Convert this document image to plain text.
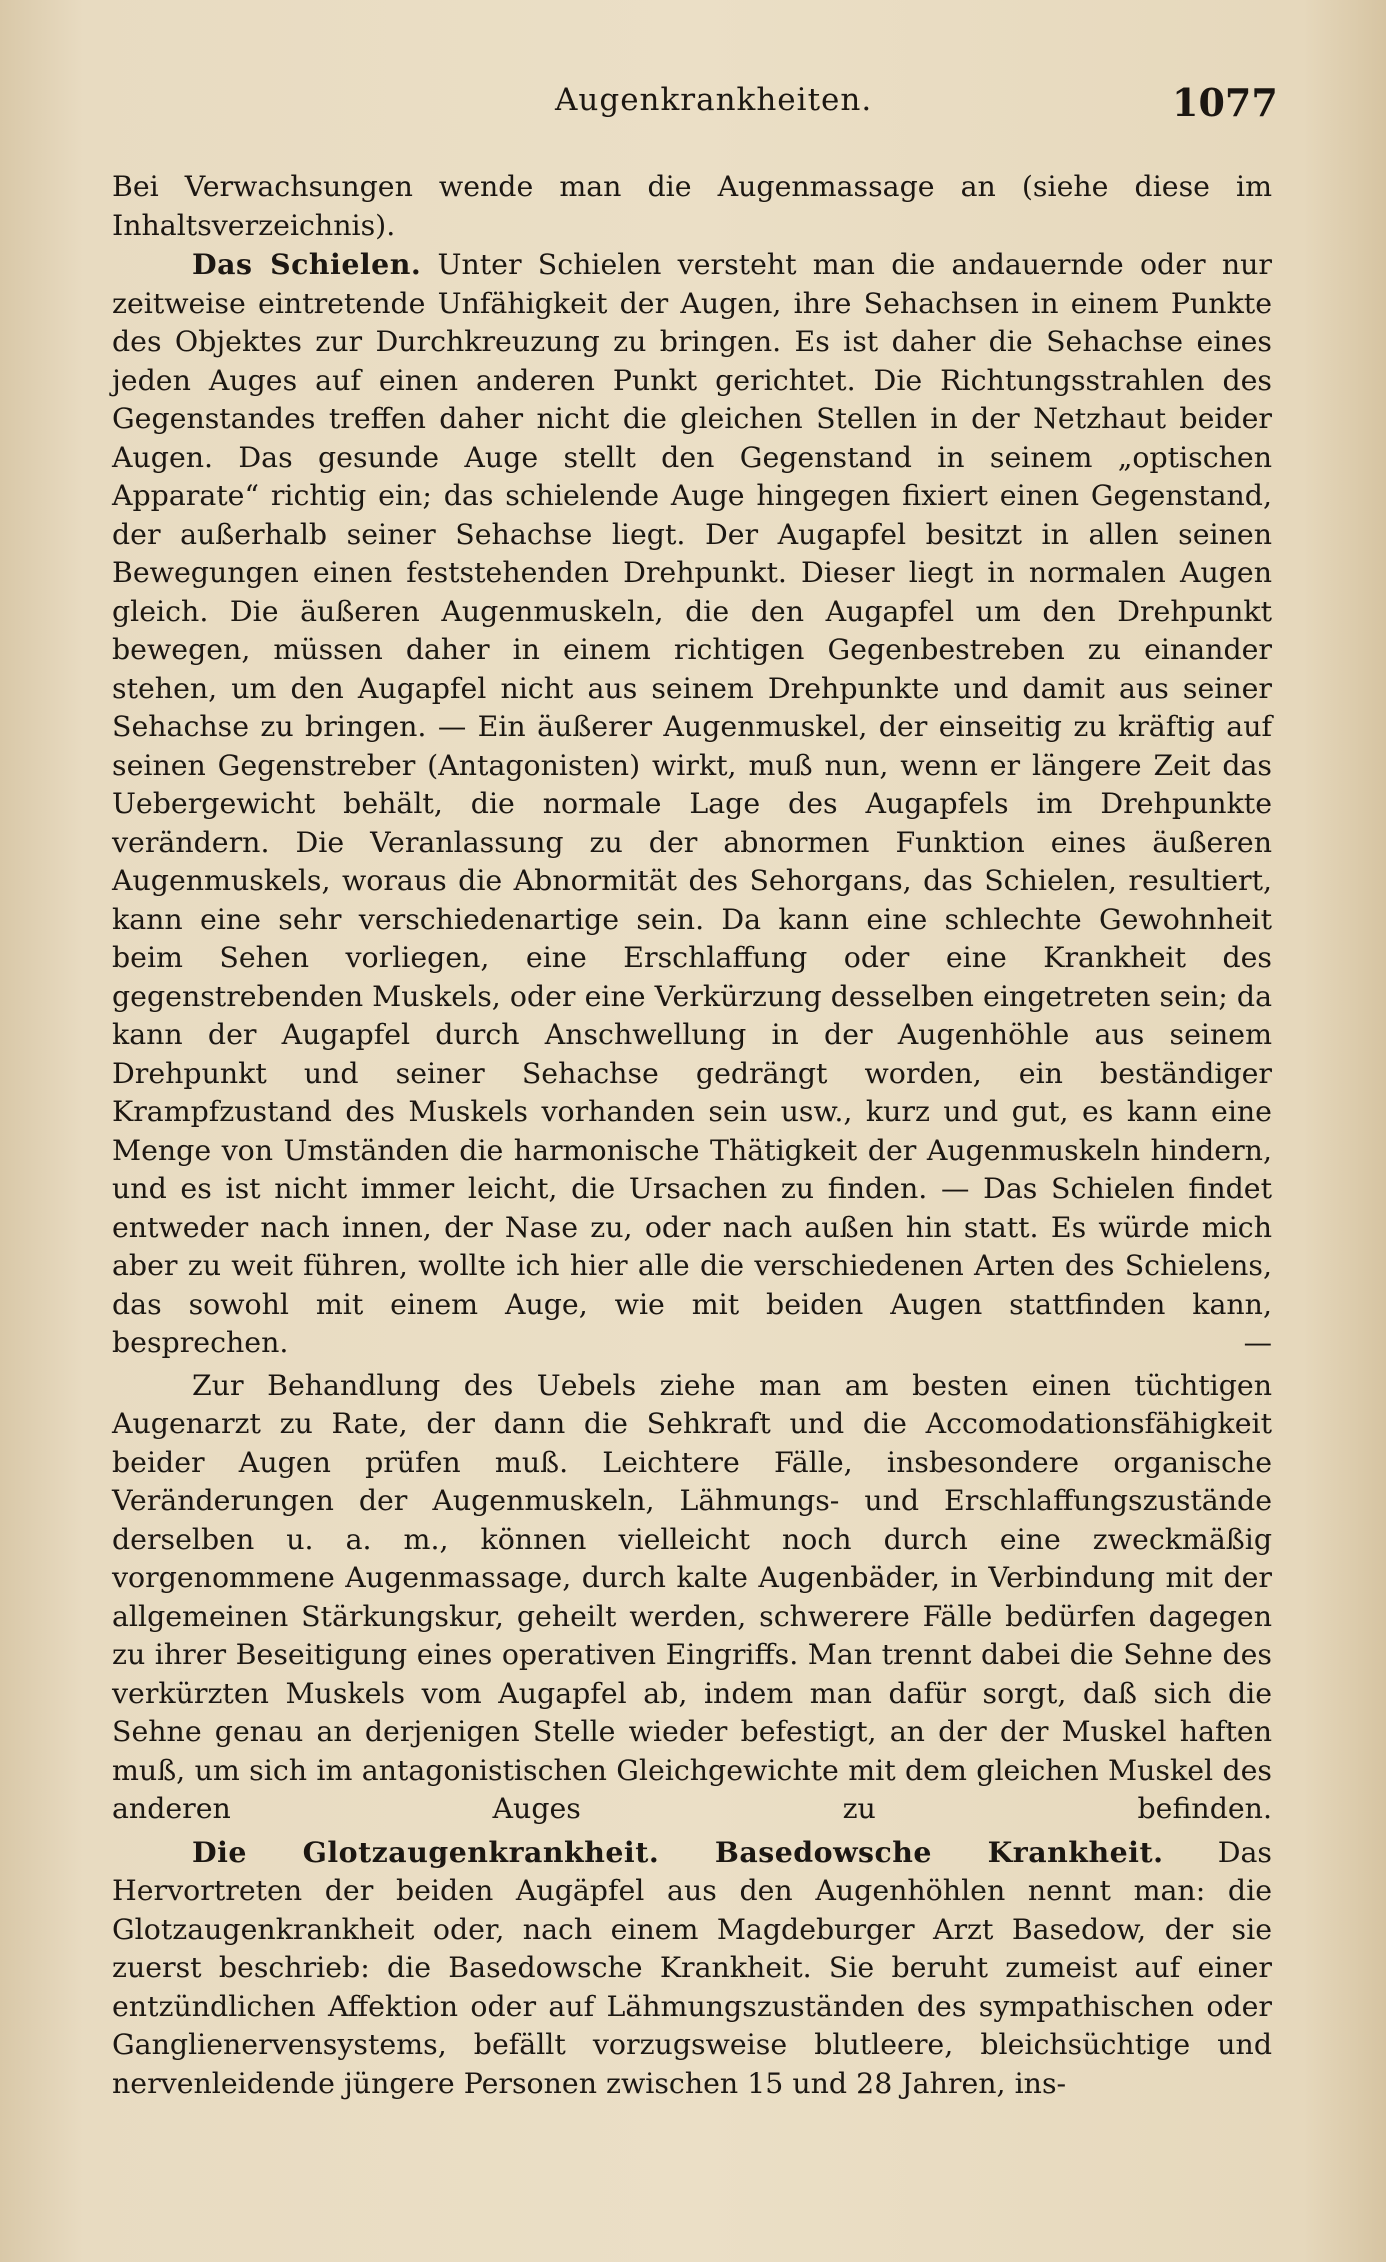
Augenkrankheiten.	1077

Bei Verwachsungen wende man die Augenmassage an (siehe diese im Inhaltsverzeichnis).

Das Schielen. Unter Schielen versteht man die andauernde oder nur zeitweise eintretende Unfähigkeit der Augen, ihre Sehachsen in einem Punkte des Objektes zur Durchkreuzung zu bringen. Es ist daher die Sehachse eines jeden Auges auf einen anderen Punkt gerichtet. Die Richtungsstrahlen des Gegenstandes treffen daher nicht die gleichen Stellen in der Netzhaut beider Augen. Das gesunde Auge stellt den Gegenstand in seinem „optischen Apparate“ richtig ein; das schielende Auge hingegen fixiert einen Gegenstand, der außerhalb seiner Sehachse liegt. Der Augapfel besitzt in allen seinen Bewegungen einen feststehenden Drehpunkt. Dieser liegt in normalen Augen gleich. Die äußeren Augenmuskeln, die den Augapfel um den Drehpunkt bewegen, müssen daher in einem richtigen Gegenbestreben zu einander stehen, um den Augapfel nicht aus seinem Drehpunkte und damit aus seiner Sehachse zu bringen. — Ein äußerer Augenmuskel, der einseitig zu kräftig auf seinen Gegenstreber (Antagonisten) wirkt, muß nun, wenn er längere Zeit das Uebergewicht behält, die normale Lage des Augapfels im Drehpunkte verändern. Die Veranlassung zu der abnormen Funktion eines äußeren Augenmuskels, woraus die Abnormität des Sehorgans, das Schielen, resultiert, kann eine sehr verschiedenartige sein. Da kann eine schlechte Gewohnheit beim Sehen vorliegen, eine Erschlaffung oder eine Krankheit des gegenstrebenden Muskels, oder eine Verkürzung desselben eingetreten sein; da kann der Augapfel durch Anschwellung in der Augenhöhle aus seinem Drehpunkt und seiner Sehachse gedrängt worden, ein beständiger Krampfzustand des Muskels vorhanden sein usw., kurz und gut, es kann eine Menge von Umständen die harmonische Thätigkeit der Augenmuskeln hindern, und es ist nicht immer leicht, die Ursachen zu finden. — Das Schielen findet entweder nach innen, der Nase zu, oder nach außen hin statt. Es würde mich aber zu weit führen, wollte ich hier alle die verschiedenen Arten des Schielens, das sowohl mit einem Auge, wie mit beiden Augen stattfinden kann, besprechen. —

Zur Behandlung des Uebels ziehe man am besten einen tüchtigen Augenarzt zu Rate, der dann die Sehkraft und die Accomodationsfähigkeit beider Augen prüfen muß. Leichtere Fälle, insbesondere organische Veränderungen der Augenmuskeln, Lähmungs- und Erschlaffungszustände derselben u. a. m., können vielleicht noch durch eine zweckmäßig vorgenommene Augenmassage, durch kalte Augenbäder, in Verbindung mit der allgemeinen Stärkungskur, geheilt werden, schwerere Fälle bedürfen dagegen zu ihrer Beseitigung eines operativen Eingriffs. Man trennt dabei die Sehne des verkürzten Muskels vom Augapfel ab, indem man dafür sorgt, daß sich die Sehne genau an derjenigen Stelle wieder befestigt, an der der Muskel haften muß, um sich im antagonistischen Gleichgewichte mit dem gleichen Muskel des anderen Auges zu befinden.

Die Glotzaugenkrankheit. Basedowsche Krankheit. Das Hervortreten der beiden Augäpfel aus den Augenhöhlen nennt man: die Glotzaugenkrankheit oder, nach einem Magdeburger Arzt Basedow, der sie zuerst beschrieb: die Basedowsche Krankheit. Sie beruht zumeist auf einer entzündlichen Affektion oder auf Lähmungszuständen des sympathischen oder Ganglienervensystems, befällt vorzugsweise blutleere, bleichsüchtige und nervenleidende jüngere Personen zwischen 15 und 28 Jahren, ins-
